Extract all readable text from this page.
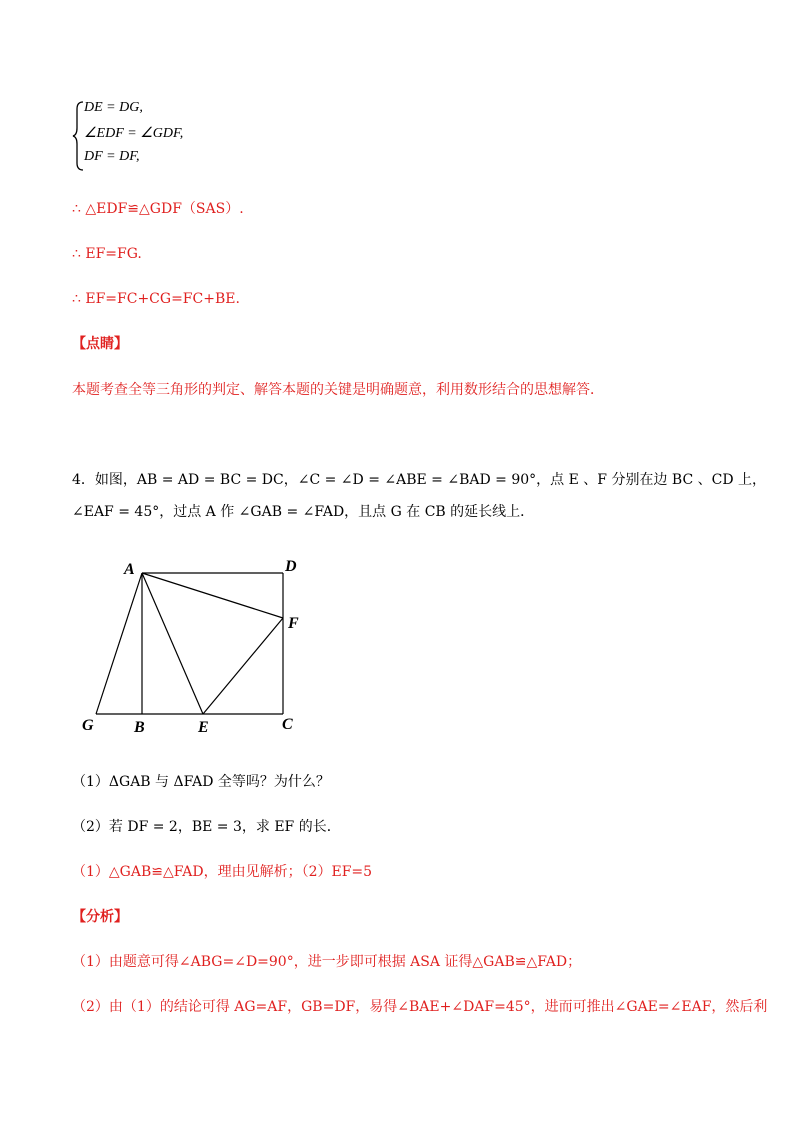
DE = DG,
∠EDF = ∠GDF,
DF = DF,
∴ △EDF≌△GDF（SAS）.
∴ EF=FG.
∴ EF=FC+CG=FC+BE.
【点睛】
本题考查全等三角形的判定、解答本题的关键是明确题意，利用数形结合的思想解答．
4．如图，AB = AD = BC = DC，∠C = ∠D = ∠ABE = ∠BAD = 90°，点 E 、F 分别在边 BC 、CD 上，
∠EAF = 45°，过点 A 作 ∠GAB = ∠FAD，且点 G 在 CB 的延长线上．
A	D
F
G	B	E	C
（1）ΔGAB 与 ΔFAD 全等吗？为什么？
（2）若 DF = 2，BE = 3，求 EF 的长．
（1）△GAB≌△FAD，理由见解析；（2）EF=5
【分析】
（1）由题意可得∠ABG=∠D=90°，进一步即可根据 ASA 证得△GAB≌△FAD；
（2）由（1）的结论可得 AG=AF，GB=DF，易得∠BAE+∠DAF=45°，进而可推出∠GAE=∠EAF，然后利
